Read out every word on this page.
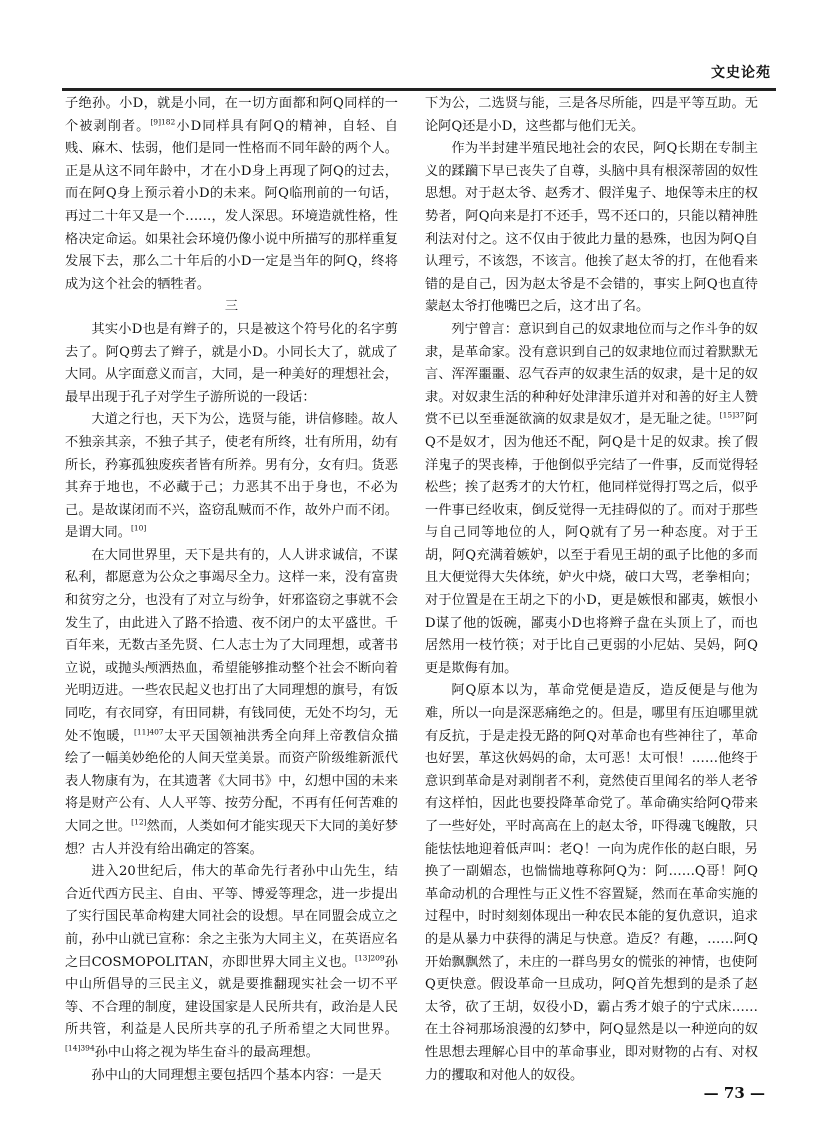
文史论苑

子绝孙。小D，就是小同，在一切方面都和阿Q同样的一个被剥削者。$^{[9]182}$小D同样具有阿Q的精神，自轻、自贱、麻木、怯弱，他们是同一性格而不同年龄的两个人。正是从这不同年龄中，才在小D身上再现了阿Q的过去，而在阿Q身上预示着小D的未来。阿Q临刑前的一句话，再过二十年又是一个……，发人深思。环境造就性格，性格决定命运。如果社会环境仍像小说中所描写的那样重复发展下去，那么二十年后的小D一定是当年的阿Q，终将成为这个社会的牺牲者。

三

其实小D也是有辫子的，只是被这个符号化的名字剪去了。阿Q剪去了辫子，就是小D。小同长大了，就成了大同。从字面意义而言，大同，是一种美好的理想社会，最早出现于孔子对学生子游所说的一段话：

大道之行也，天下为公，选贤与能，讲信修睦。故人不独亲其亲，不独子其子，使老有所终，壮有所用，幼有所长，矜寡孤独废疾者皆有所养。男有分，女有归。货恶其弃于地也，不必藏于己；力恶其不出于身也，不必为己。是故谋闭而不兴，盗窃乱贼而不作，故外户而不闭。是谓大同。[10]

在大同世界里，天下是共有的，人人讲求诚信，不谋私利，都愿意为公众之事竭尽全力。这样一来，没有富贵和贫穷之分，也没有了对立与纷争，奸邪盗窃之事就不会发生了，由此进入了路不拾遗、夜不闭户的太平盛世。千百年来，无数古圣先贤、仁人志士为了大同理想，或著书立说，或抛头颅洒热血，希望能够推动整个社会不断向着光明迈进。一些农民起义也打出了大同理想的旗号，有饭同吃，有衣同穿，有田同耕，有钱同使，无处不均匀，无处不饱暖，$^{[11]407}$太平天国领袖洪秀全向拜上帝教信众描绘了一幅美妙绝伦的人间天堂美景。而资产阶级维新派代表人物康有为，在其遗著《大同书》中，幻想中国的未来将是财产公有、人人平等、按劳分配，不再有任何苦难的大同之世。[12]然而，人类如何才能实现天下大同的美好梦想？古人并没有给出确定的答案。

进入20世纪后，伟大的革命先行者孙中山先生，结合近代西方民主、自由、平等、博爱等理念，进一步提出了实行国民革命构建大同社会的设想。早在同盟会成立之前，孙中山就已宣称：余之主张为大同主义，在英语应名之曰COSMOPOLITAN，亦即世界大同主义也。$^{[13]209}$孙中山所倡导的三民主义，就是要推翻现实社会一切不平等、不合理的制度，建设国家是人民所共有，政治是人民所共管，利益是人民所共享的孔子所希望之大同世界。$^{[14]394}$孙中山将之视为毕生奋斗的最高理想。

孙中山的大同理想主要包括四个基本内容：一是天

下为公，二选贤与能，三是各尽所能，四是平等互助。无论阿Q还是小D，这些都与他们无关。

作为半封建半殖民地社会的农民，阿Q长期在专制主义的蹂躏下早已丧失了自尊，头脑中具有根深蒂固的奴性思想。对于赵太爷、赵秀才、假洋鬼子、地保等未庄的权势者，阿Q向来是打不还手，骂不还口的，只能以精神胜利法对付之。这不仅由于彼此力量的悬殊，也因为阿Q自认理亏，不该怨，不该言。他挨了赵太爷的打，在他看来错的是自己，因为赵太爷是不会错的，事实上阿Q也直待蒙赵太爷打他嘴巴之后，这才出了名。

列宁曾言：意识到自己的奴隶地位而与之作斗争的奴隶，是革命家。没有意识到自己的奴隶地位而过着默默无言、浑浑噩噩、忍气吞声的奴隶生活的奴隶，是十足的奴隶。对奴隶生活的种种好处津津乐道并对和善的好主人赞赏不已以至垂涎欲滴的奴隶是奴才，是无耻之徒。$^{[15]37}$阿Q不是奴才，因为他还不配，阿Q是十足的奴隶。挨了假洋鬼子的哭丧棒，于他倒似乎完结了一件事，反而觉得轻松些；挨了赵秀才的大竹杠，他同样觉得打骂之后，似乎一件事已经收束，倒反觉得一无挂碍似的了。而对于那些与自己同等地位的人，阿Q就有了另一种态度。对于王胡，阿Q充满着嫉妒，以至于看见王胡的虱子比他的多而且大便觉得大失体统，妒火中烧，破口大骂，老拳相向；对于位置是在王胡之下的小D，更是嫉恨和鄙夷，嫉恨小D谋了他的饭碗，鄙夷小D也将辫子盘在头顶上了，而也居然用一枝竹筷；对于比自己更弱的小尼姑、吴妈，阿Q更是欺侮有加。

阿Q原本以为，革命党便是造反，造反便是与他为难，所以一向是深恶痛绝之的。但是，哪里有压迫哪里就有反抗，于是走投无路的阿Q对革命也有些神往了，革命也好罢，革这伙妈妈的命，太可恶！太可恨！……他终于意识到革命是对剥削者不利，竟然使百里闻名的举人老爷有这样怕，因此也要投降革命党了。革命确实给阿Q带来了一些好处，平时高高在上的赵太爷，吓得魂飞魄散，只能怯怯地迎着低声叫：老Q！一向为虎作伥的赵白眼，另换了一副媚态，也惴惴地尊称阿Q为：阿……Q哥！阿Q革命动机的合理性与正义性不容置疑，然而在革命实施的过程中，时时刻刻体现出一种农民本能的复仇意识，追求的是从暴力中获得的满足与快意。造反？有趣，……阿Q开始飘飘然了，未庄的一群鸟男女的慌张的神情，也使阿Q更快意。假设革命一旦成功，阿Q首先想到的是杀了赵太爷，砍了王胡，奴役小D，霸占秀才娘子的宁式床……在土谷祠那场浪漫的幻梦中，阿Q显然是以一种逆向的奴性思想去理解心目中的革命事业，即对财物的占有、对权力的攫取和对他人的奴役。

— 73 —
